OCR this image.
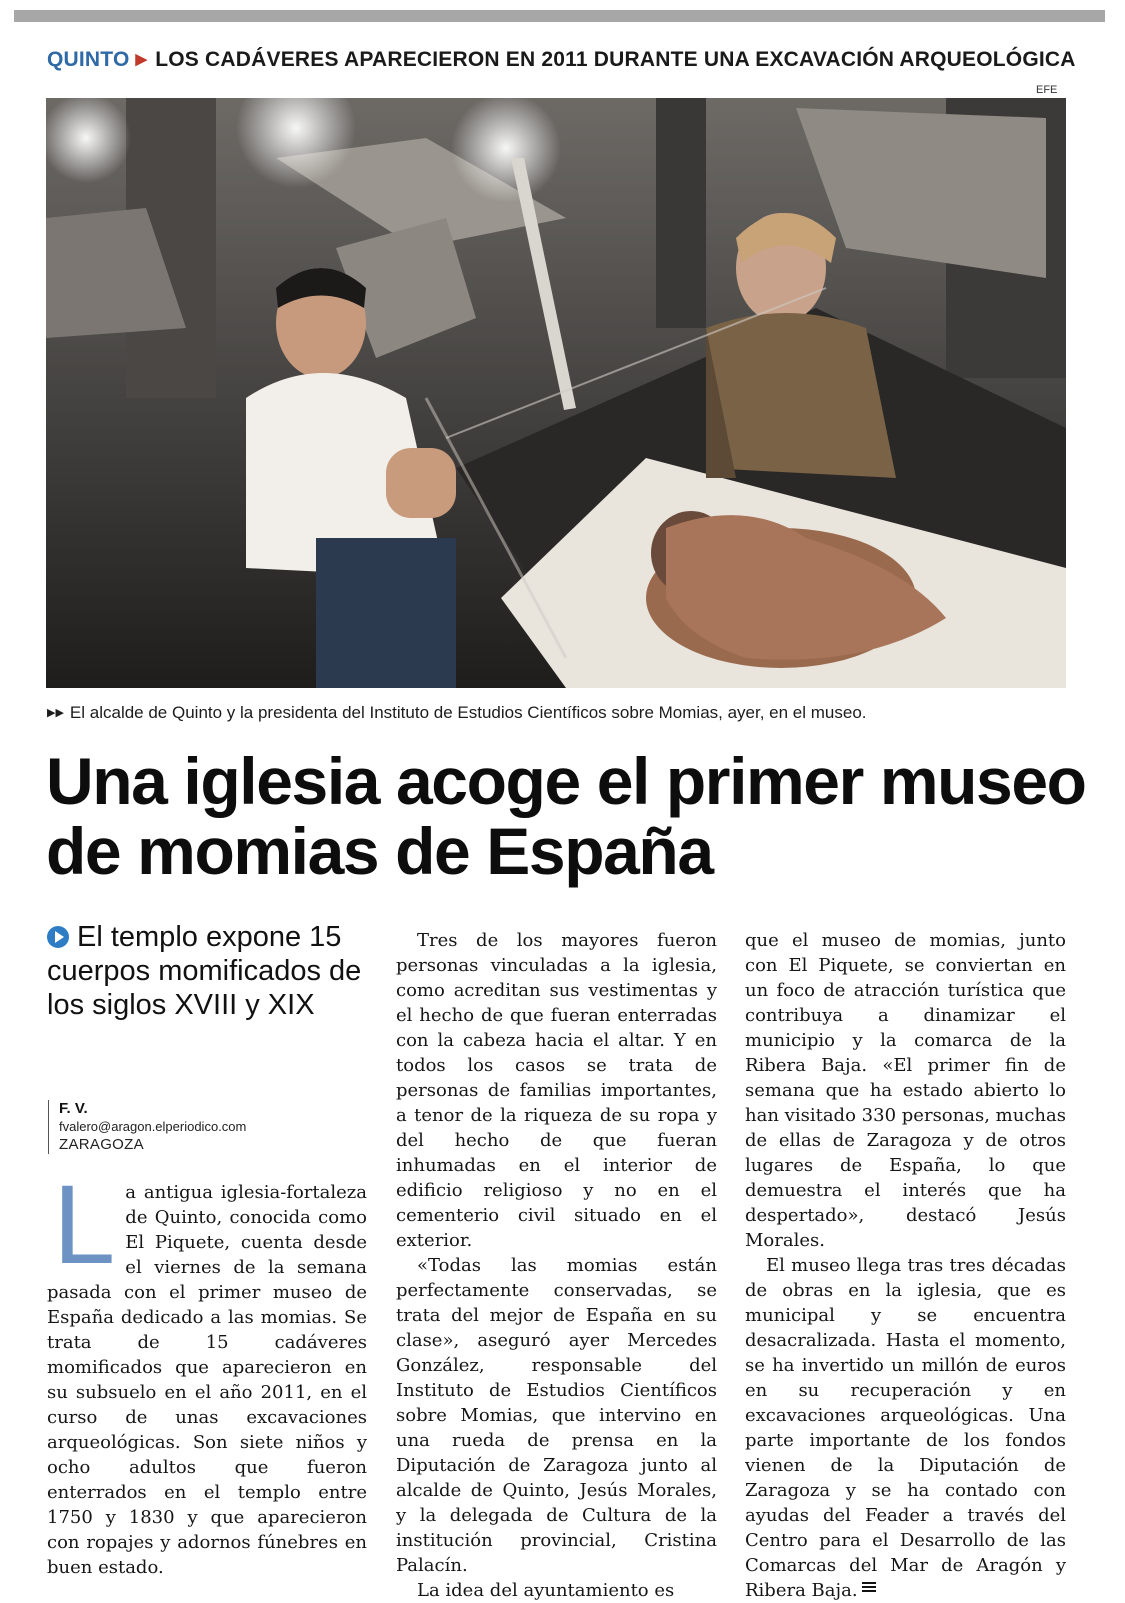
QUINTO ▶ LOS CADÁVERES APARECIERON EN 2011 DURANTE UNA EXCAVACIÓN ARQUEOLÓGICA
EFE
▶▶ El alcalde de Quinto y la presidenta del Instituto de Estudios Científicos sobre Momias, ayer, en el museo.
Una iglesia acoge el primer museo de momias de España
El templo expone 15 cuerpos momificados de los siglos XVIII y XIX
F. V.
fvalero@aragon.elperiodico.com
ZARAGOZA
L a antigua iglesia-fortaleza de Quinto, conocida como El Piquete, cuenta desde el viernes de la semana pasada con el primer museo de España dedicado a las momias. Se trata de 15 cadáveres momificados que aparecieron en su subsuelo en el año 2011, en el curso de unas excavaciones arqueológicas. Son siete niños y ocho adultos que fueron enterrados en el templo entre 1750 y 1830 y que aparecieron con ropajes y adornos fúnebres en buen estado.

Tres de los mayores fueron personas vinculadas a la iglesia, como acreditan sus vestimentas y el hecho de que fueran enterradas con la cabeza hacia el altar. Y en todos los casos se trata de personas de familias importantes, a tenor de la riqueza de su ropa y del hecho de que fueran inhumadas en el interior de edificio religioso y no en el cementerio civil situado en el exterior.

«Todas las momias están perfectamente conservadas, se trata del mejor de España en su clase», aseguró ayer Mercedes González, responsable del Instituto de Estudios Científicos sobre Momias, que intervino en una rueda de prensa en la Diputación de Zaragoza junto al alcalde de Quinto, Jesús Morales, y la delegada de Cultura de la institución provincial, Cristina Palacín.

La idea del ayuntamiento es

que el museo de momias, junto con El Piquete, se conviertan en un foco de atracción turística que contribuya a dinamizar el municipio y la comarca de la Ribera Baja. «El primer fin de semana que ha estado abierto lo han visitado 330 personas, muchas de ellas de Zaragoza y de otros lugares de España, lo que demuestra el interés que ha despertado», destacó Jesús Morales.

El museo llega tras tres décadas de obras en la iglesia, que es municipal y se encuentra desacralizada. Hasta el momento, se ha invertido un millón de euros en su recuperación y en excavaciones arqueológicas. Una parte importante de los fondos vienen de la Diputación de Zaragoza y se ha contado con ayudas del Feader a través del Centro para el Desarrollo de las Comarcas del Mar de Aragón y Ribera Baja.
